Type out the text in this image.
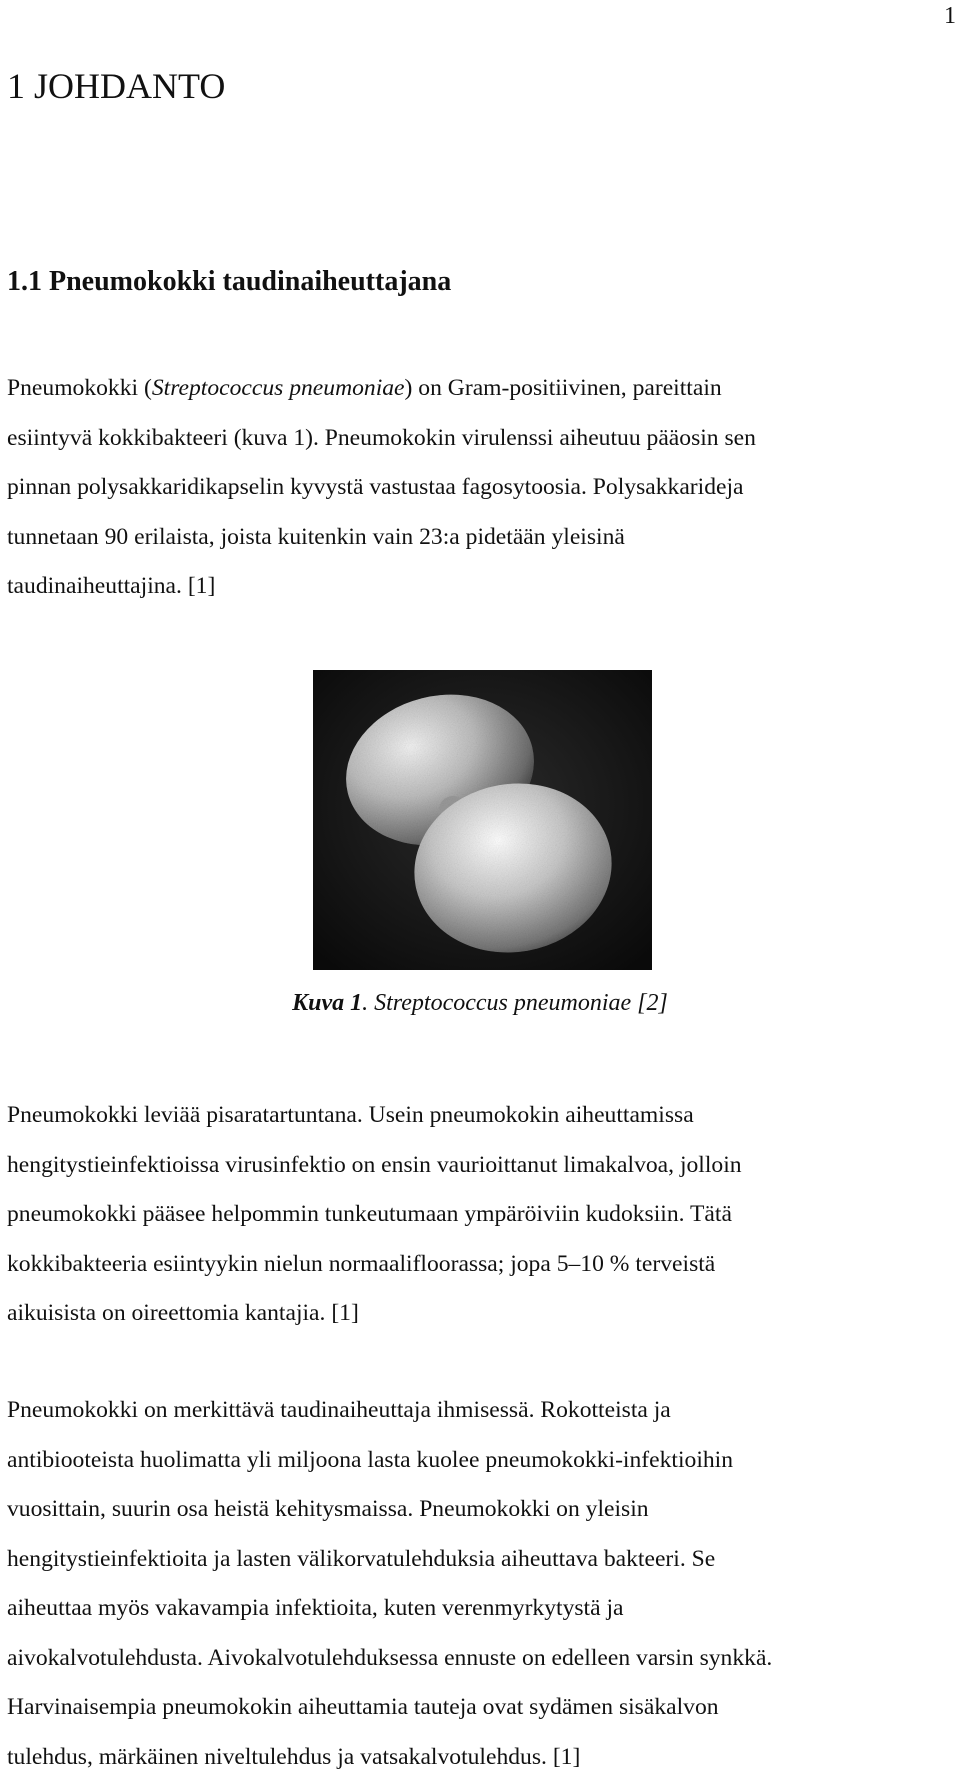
1
1 JOHDANTO
1.1 Pneumokokki taudinaiheuttajana

Pneumokokki (Streptococcus pneumoniae) on Gram-positiivinen, pareittain
esiintyvä kokkibakteeri (kuva 1). Pneumokokin virulenssi aiheutuu pääosin sen
pinnan polysakkaridikapselin kyvystä vastustaa fagosytoosia. Polysakkarideja
tunnetaan 90 erilaista, joista kuitenkin vain 23:a pidetään yleisinä
taudinaiheuttajina. [1]

Kuva 1. Streptococcus pneumoniae [2]

Pneumokokki leviää pisaratartuntana. Usein pneumokokin aiheuttamissa
hengitystieinfektioissa virusinfektio on ensin vaurioittanut limakalvoa, jolloin
pneumokokki pääsee helpommin tunkeutumaan ympäröiviin kudoksiin. Tätä
kokkibakteeria esiintyykin nielun normaalifloorassa; jopa 5–10 % terveistä
aikuisista on oireettomia kantajia. [1]

Pneumokokki on merkittävä taudinaiheuttaja ihmisessä. Rokotteista ja
antibiooteista huolimatta yli miljoona lasta kuolee pneumokokki-infektioihin
vuosittain, suurin osa heistä kehitysmaissa. Pneumokokki on yleisin
hengitystieinfektioita ja lasten välikorvatulehduksia aiheuttava bakteeri. Se
aiheuttaa myös vakavampia infektioita, kuten verenmyrkytystä ja
aivokalvotulehdusta. Aivokalvotulehduksessa ennuste on edelleen varsin synkkä.
Harvinaisempia pneumokokin aiheuttamia tauteja ovat sydämen sisäkalvon
tulehdus, märkäinen niveltulehdus ja vatsakalvotulehdus. [1]
